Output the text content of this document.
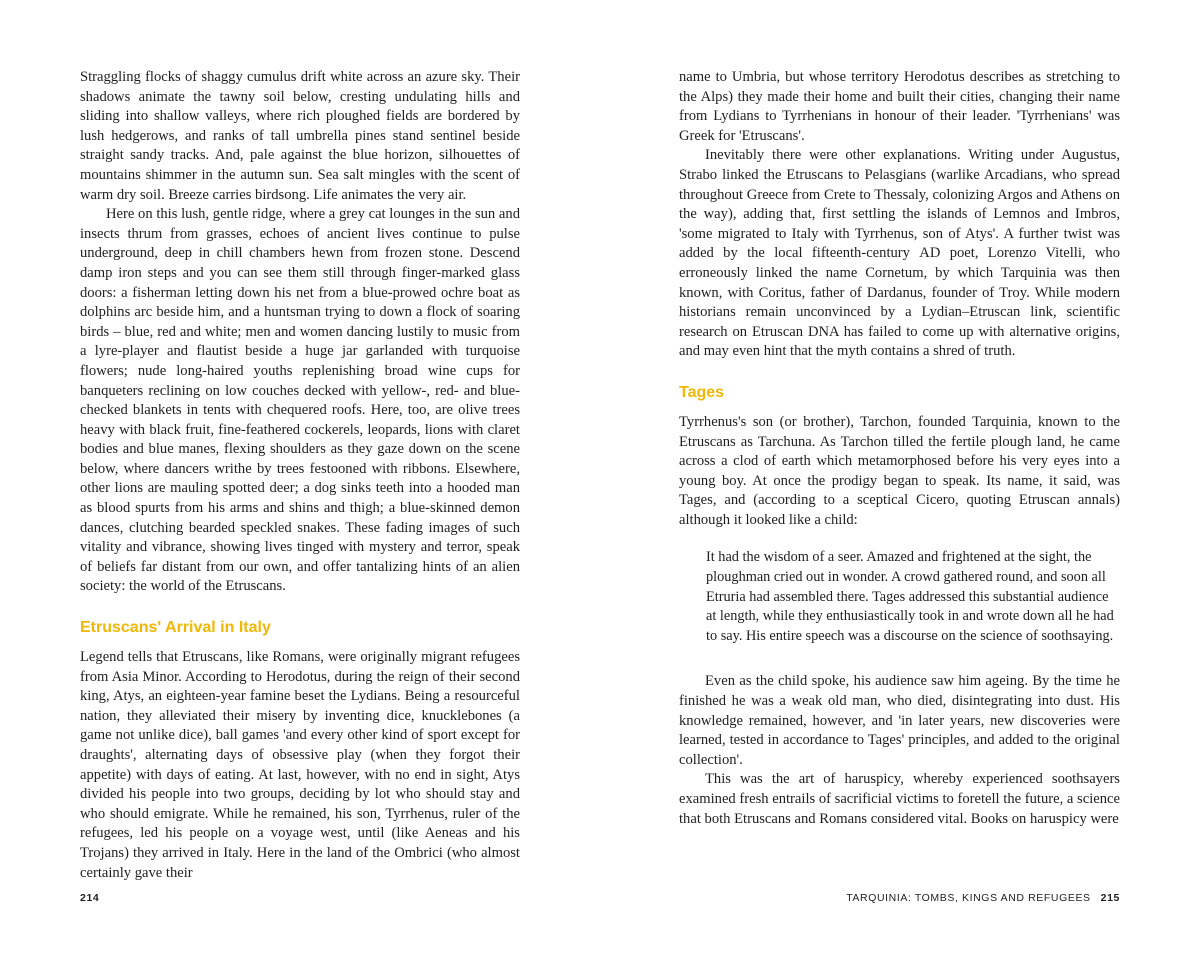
Straggling flocks of shaggy cumulus drift white across an azure sky. Their shadows animate the tawny soil below, cresting undulating hills and sliding into shallow valleys, where rich ploughed fields are bordered by lush hedgerows, and ranks of tall umbrella pines stand sentinel beside straight sandy tracks. And, pale against the blue horizon, silhouettes of mountains shimmer in the autumn sun. Sea salt mingles with the scent of warm dry soil. Breeze carries birdsong. Life animates the very air.

Here on this lush, gentle ridge, where a grey cat lounges in the sun and insects thrum from grasses, echoes of ancient lives continue to pulse underground, deep in chill chambers hewn from frozen stone. Descend damp iron steps and you can see them still through finger-marked glass doors: a fisherman letting down his net from a blue-prowed ochre boat as dolphins arc beside him, and a huntsman trying to down a flock of soaring birds – blue, red and white; men and women dancing lustily to music from a lyre-player and flautist beside a huge jar garlanded with turquoise flowers; nude long-haired youths replenishing broad wine cups for banqueters reclining on low couches decked with yellow-, red- and blue-checked blankets in tents with chequered roofs. Here, too, are olive trees heavy with black fruit, fine-feathered cockerels, leopards, lions with claret bodies and blue manes, flexing shoulders as they gaze down on the scene below, where dancers writhe by trees festooned with ribbons. Elsewhere, other lions are mauling spotted deer; a dog sinks teeth into a hooded man as blood spurts from his arms and shins and thigh; a blue-skinned demon dances, clutching bearded speckled snakes. These fading images of such vitality and vibrance, showing lives tinged with mystery and terror, speak of beliefs far distant from our own, and offer tantalizing hints of an alien society: the world of the Etruscans.

Etruscans' Arrival in Italy

Legend tells that Etruscans, like Romans, were originally migrant refugees from Asia Minor. According to Herodotus, during the reign of their second king, Atys, an eighteen-year famine beset the Lydians. Being a resourceful nation, they alleviated their misery by inventing dice, knucklebones (a game not unlike dice), ball games 'and every other kind of sport except for draughts', alternating days of obsessive play (when they forgot their appetite) with days of eating. At last, however, with no end in sight, Atys divided his people into two groups, deciding by lot who should stay and who should emigrate. While he remained, his son, Tyrrhenus, ruler of the refugees, led his people on a voyage west, until (like Aeneas and his Trojans) they arrived in Italy. Here in the land of the Ombrici (who almost certainly gave their

214

name to Umbria, but whose territory Herodotus describes as stretching to the Alps) they made their home and built their cities, changing their name from Lydians to Tyrrhenians in honour of their leader. 'Tyrrhenians' was Greek for 'Etruscans'.

Inevitably there were other explanations. Writing under Augustus, Strabo linked the Etruscans to Pelasgians (warlike Arcadians, who spread throughout Greece from Crete to Thessaly, colonizing Argos and Athens on the way), adding that, first settling the islands of Lemnos and Imbros, 'some migrated to Italy with Tyrrhenus, son of Atys'. A further twist was added by the local fifteenth-century AD poet, Lorenzo Vitelli, who erroneously linked the name Cornetum, by which Tarquinia was then known, with Coritus, father of Dardanus, founder of Troy. While modern historians remain unconvinced by a Lydian–Etruscan link, scientific research on Etruscan DNA has failed to come up with alternative origins, and may even hint that the myth contains a shred of truth.

Tages

Tyrrhenus's son (or brother), Tarchon, founded Tarquinia, known to the Etruscans as Tarchuna. As Tarchon tilled the fertile plough land, he came across a clod of earth which metamorphosed before his very eyes into a young boy. At once the prodigy began to speak. Its name, it said, was Tages, and (according to a sceptical Cicero, quoting Etruscan annals) although it looked like a child:

It had the wisdom of a seer. Amazed and frightened at the sight, the ploughman cried out in wonder. A crowd gathered round, and soon all Etruria had assembled there. Tages addressed this substantial audience at length, while they enthusiastically took in and wrote down all he had to say. His entire speech was a discourse on the science of soothsaying.

Even as the child spoke, his audience saw him ageing. By the time he finished he was a weak old man, who died, disintegrating into dust. His knowledge remained, however, and 'in later years, new discoveries were learned, tested in accordance to Tages' principles, and added to the original collection'.

This was the art of haruspicy, whereby experienced soothsayers examined fresh entrails of sacrificial victims to foretell the future, a science that both Etruscans and Romans considered vital. Books on haruspicy were

TARQUINIA: TOMBS, KINGS AND REFUGEES 215
